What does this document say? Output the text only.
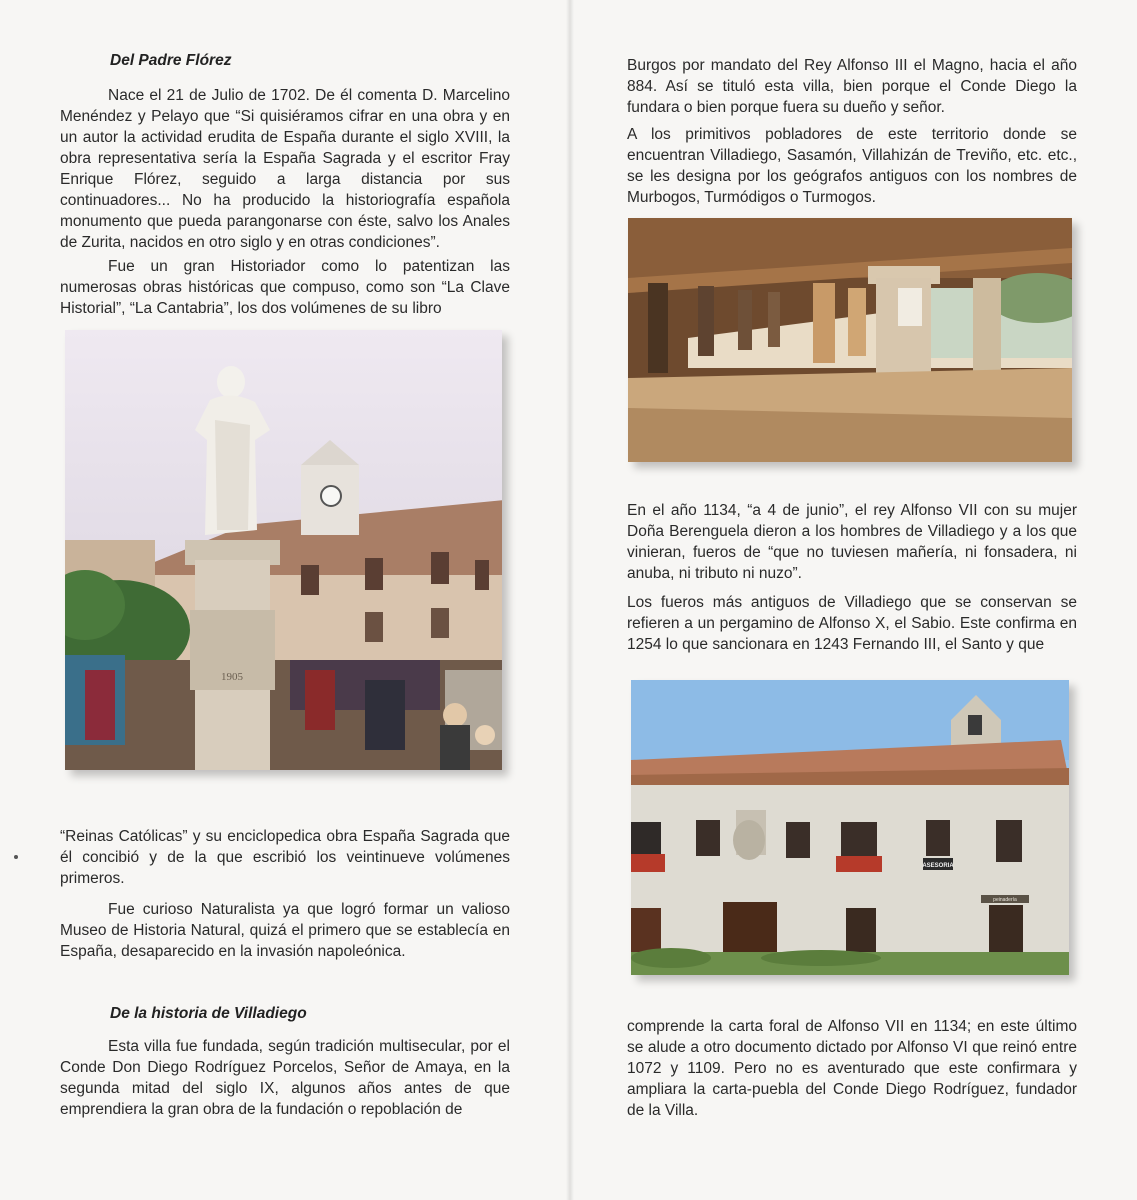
Del Padre Flórez

Nace el 21 de Julio de 1702. De él comenta D. Marcelino Menéndez y Pelayo que “Si quisiéramos cifrar en una obra y en un autor la actividad erudita de España durante el siglo XVIII, la obra representativa sería la España Sagrada y el escritor Fray Enrique Flórez, seguido a larga distancia por sus continuadores... No ha producido la historiografía española monumento que pueda parangonarse con éste, salvo los Anales de Zurita, nacidos en otro siglo y en otras condiciones”.

Fue un gran Historiador como lo patentizan las numerosas obras históricas que compuso, como son “La Clave Historial”, “La Cantabria”, los dos volúmenes de su libro

1905

“Reinas Católicas” y su enciclopedica obra España Sagrada que él concibió y de la que escribió los veintinueve volúmenes primeros.

Fue curioso Naturalista ya que logró formar un valioso Museo de Historia Natural, quizá el primero que se establecía en España, desaparecido en la invasión napoleónica.

De la historia de Villadiego

Esta villa fue fundada, según tradición multisecular, por el Conde Don Diego Rodríguez Porcelos, Señor de Amaya, en la segunda mitad del siglo IX, algunos años antes de que emprendiera la gran obra de la fundación o repoblación de

Burgos por mandato del Rey Alfonso III el Magno, hacia el año 884. Así se tituló esta villa, bien porque el Conde Diego la fundara o bien porque fuera su dueño y señor.

A los primitivos pobladores de este territorio donde se encuentran Villadiego, Sasamón, Villahizán de Treviño, etc. etc., se les designa por los geógrafos antiguos con los nombres de Murbogos, Turmódigos o Turmogos.

En el año 1134, “a 4 de junio”, el rey Alfonso VII con su mujer Doña Berenguela dieron a los hombres de Villadiego y a los que vinieran, fueros de “que no tuviesen mañería, ni fonsadera, ni anuba, ni tributo ni nuzo”.

Los fueros más antiguos de Villadiego que se conservan se refieren a un pergamino de Alfonso X, el Sabio. Este confirma en 1254 lo que sancionara en 1243 Fernando III, el Santo y que

ASESORIA
peinadería

comprende la carta foral de Alfonso VII en 1134; en este último se alude a otro documento dictado por Alfonso VI que reinó entre 1072 y 1109. Pero no es aventurado que este confirmara y ampliara la carta-puebla del Conde Diego Rodríguez, fundador de la Villa.
